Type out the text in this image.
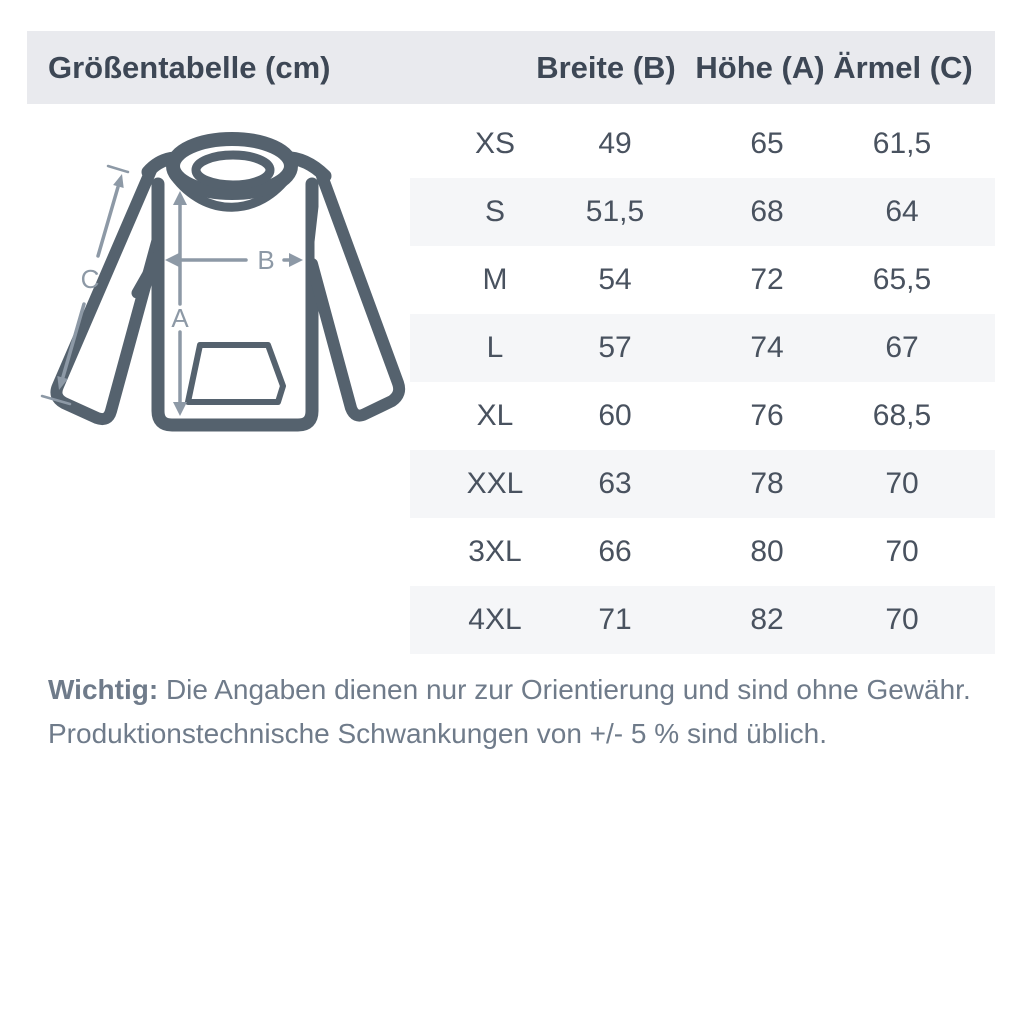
Größentabelle (cm)	Breite (B) Höhe (A) Ärmel (C)
A
B
C
XS	49	65	61,5
S	51,5	68	64
M	54	72	65,5
L	57	74	67
XL	60	76	68,5
XXL	63	78	70
3XL	66	80	70
4XL	71	82	70
Wichtig: Die Angaben dienen nur zur Orientierung und sind ohne Gewähr.
Produktionstechnische Schwankungen von +/- 5 % sind üblich.
